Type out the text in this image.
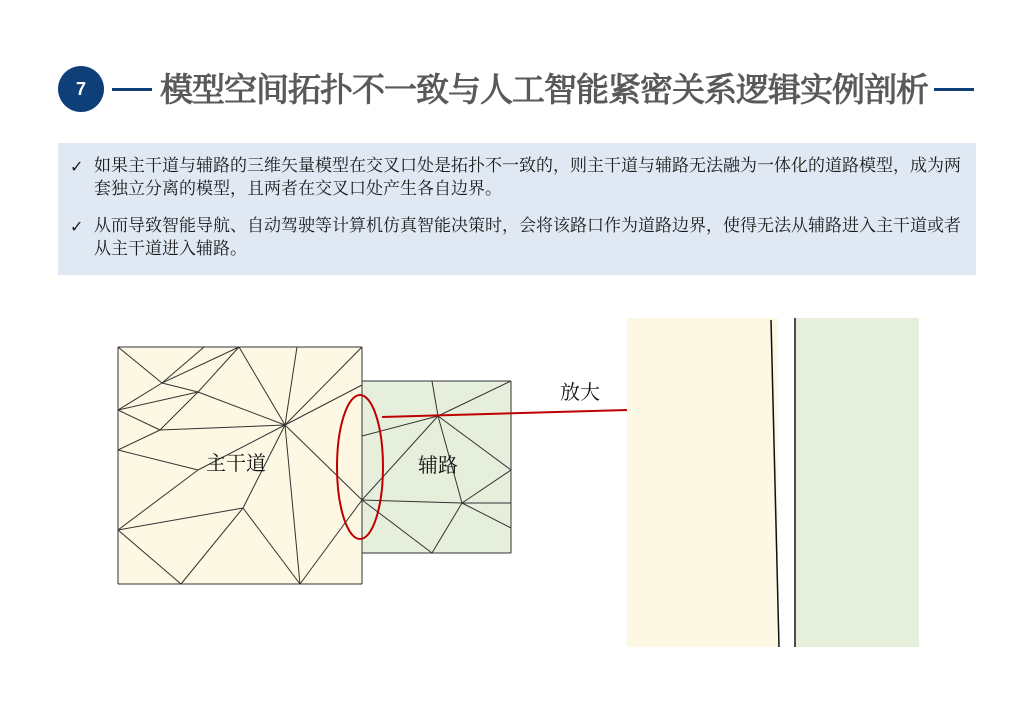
7 模型空间拓扑不一致与人工智能紧密关系逻辑实例剖析
✓ 如果主干道与辅路的三维矢量模型在交叉口处是拓扑不一致的，则主干道与辅路无法融为一体化的道路模型，成为两套独立分离的模型，且两者在交叉口处产生各自边界。
✓ 从而导致智能导航、自动驾驶等计算机仿真智能决策时，会将该路口作为道路边界，使得无法从辅路进入主干道或者从主干道进入辅路。
主干道	辅路
放大
